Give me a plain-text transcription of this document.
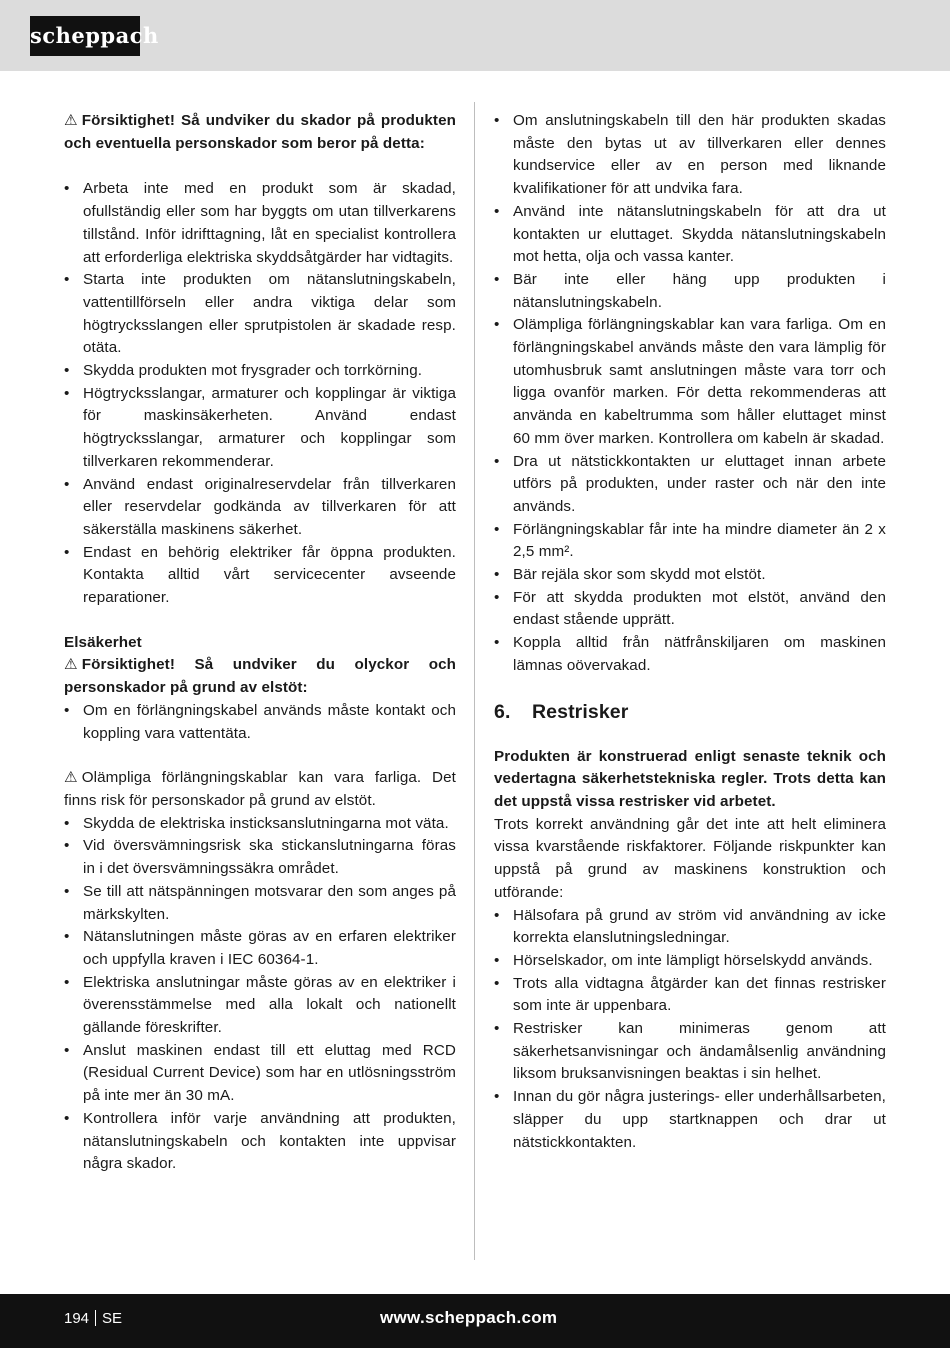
scheppach

⚠ Försiktighet! Så undviker du skador på produkten och eventuella personskador som beror på detta:

• Arbeta inte med en produkt som är skadad, ofullständig eller som har byggts om utan tillverkarens tillstånd. Inför idrifttagning, låt en specialist kontrollera att erforderliga elektriska skyddsåtgärder har vidtagits.
• Starta inte produkten om nätanslutningskabeln, vattentillförseln eller andra viktiga delar som högtrycksslangen eller sprutpistolen är skadade resp. otäta.
• Skydda produkten mot frysgrader och torrkörning.
• Högtrycksslangar, armaturer och kopplingar är viktiga för maskinsäkerheten. Använd endast högtrycksslangar, armaturer och kopplingar som tillverkaren rekommenderar.
• Använd endast originalreservdelar från tillverkaren eller reservdelar godkända av tillverkaren för att säkerställa maskinens säkerhet.
• Endast en behörig elektriker får öppna produkten. Kontakta alltid vårt servicecenter avseende reparationer.

Elsäkerhet

⚠ Försiktighet! Så undviker du olyckor och personskador på grund av elstöt:

• Om en förlängningskabel används måste kontakt och koppling vara vattentäta.

⚠ Olämpliga förlängningskablar kan vara farliga. Det finns risk för personskador på grund av elstöt.

• Skydda de elektriska insticksanslutningarna mot väta.
• Vid översvämningsrisk ska stickanslutningarna föras in i det översvämningssäkra området.
• Se till att nätspänningen motsvarar den som anges på märkskylten.
• Nätanslutningen måste göras av en erfaren elektriker och uppfylla kraven i IEC 60364-1.
• Elektriska anslutningar måste göras av en elektriker i överensstämmelse med alla lokalt och nationellt gällande föreskrifter.
• Anslut maskinen endast till ett eluttag med RCD (Residual Current Device) som har en utlösningsström på inte mer än 30 mA.
• Kontrollera inför varje användning att produkten, nätanslutningskabeln och kontakten inte uppvisar några skador.
• Om anslutningskabeln till den här produkten skadas måste den bytas ut av tillverkaren eller dennes kundservice eller av en person med liknande kvalifikationer för att undvika fara.
• Använd inte nätanslutningskabeln för att dra ut kontakten ur eluttaget. Skydda nätanslutningskabeln mot hetta, olja och vassa kanter.
• Bär inte eller häng upp produkten i nätanslutningskabeln.
• Olämpliga förlängningskablar kan vara farliga. Om en förlängningskabel används måste den vara lämplig för utomhusbruk samt anslutningen måste vara torr och ligga ovanför marken. För detta rekommenderas att använda en kabeltrumma som håller eluttaget minst 60 mm över marken. Kontrollera om kabeln är skadad.
• Dra ut nätstickkontakten ur eluttaget innan arbete utförs på produkten, under raster och när den inte används.
• Förlängningskablar får inte ha mindre diameter än 2 x 2,5 mm².
• Bär rejäla skor som skydd mot elstöt.
• För att skydda produkten mot elstöt, använd den endast stående upprätt.
• Koppla alltid från nätfrånskiljaren om maskinen lämnas oövervakad.
6.	Restrisker

Produkten är konstruerad enligt senaste teknik och vedertagna säkerhetstekniska regler. Trots detta kan det uppstå vissa restrisker vid arbetet.

Trots korrekt användning går det inte att helt eliminera vissa kvarstående riskfaktorer. Följande riskpunkter kan uppstå på grund av maskinens konstruktion och utförande:

• Hälsofara på grund av ström vid användning av icke korrekta elanslutningsledningar.
• Hörselskador, om inte lämpligt hörselskydd används.
• Trots alla vidtagna åtgärder kan det finnas restrisker som inte är uppenbara.
• Restrisker kan minimeras genom att säkerhetsanvisningar och ändamålsenlig användning liksom bruksanvisningen beaktas i sin helhet.
• Innan du gör några justerings- eller underhållsarbeten, släpper du upp startknappen och drar ut nätstickkontakten.
194 SE	www.scheppach.com
